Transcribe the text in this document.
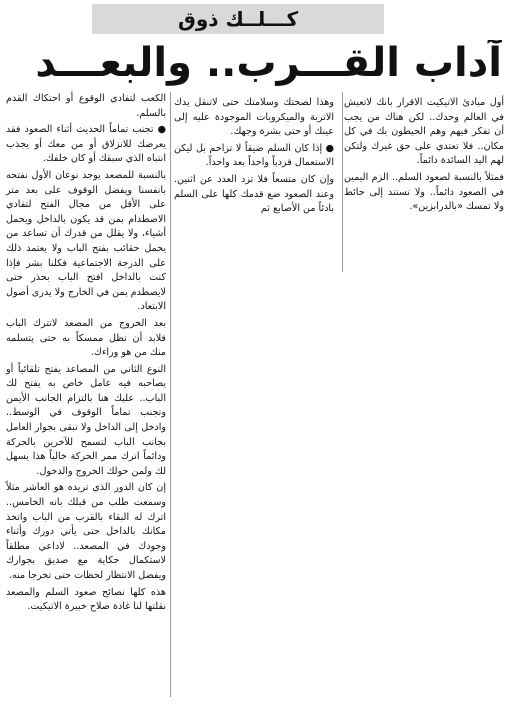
كـــلــك ذوق
آداب القـــرب.. والبعـــد

أول مبادئ الاتيكيت الاقرار بانك لاتعيش في العالم وحدك.. لكن هناك من يجب أن تفكر فيهم وهم الحيطون بك في كل مكان.. فلا تعتدي على حق غيرك ولتكن لهم اليد السائدة دائماً.

فمثلاً بالنسبة لصعود السلم.. الزم اليمين في الصعود دائماً.. ولا تستند إلى حائط ولا تمسك «بالدرابزين».

وهذا لصحتك وسلامتك حتى لاتنقل يدك الاتربة والميكروبات الموجودة عليه إلى عينك أو حتى بشرة وجهك.

● إذا كان السلم ضيقاً لا تزاحم بل ليكن الاستعمال فردياً واحداً بعد واحداً.

وإن كان متسعاً فلا تزد العدد عن اثنين. وعند الصعود ضع قدمك كلها على السلم بادئاً من الأصابع ثم

الكعب لتفادي الوقوع أو احتكاك القدم بالسلم.

● تجنب تماماً الحديث أثناء الصعود فقد يعرضك للانزلاق أو من معك أو يجذب انتباه الذي سبقك أو كان خلفك.

بالنسبة للمصعد يوجد نوعان الأول نفتحه بانفسنا ويفضل الوقوف على بعد متر على الأقل من مجال الفتح لتفادي الاصطدام بمن قد يكون بالداخل ويحمل أشياء، ولا يقلل من قدرك أن تساعد من يحمل حقائب بفتح الباب ولا يعتمد ذلك على الدرجة الاجتماعية فكلنا بشر فإذا كنت بالداخل افتح الباب بحذر حتى لايصطدم بمن في الخارج ولا يدرى أصول الابتعاد.

بعد الخروج من المصعد لاتترك الباب فلابد أن تظل ممسكاً به حتى يتسلمه منك من هو وراءك.

النوع الثاني من المصاعد يفتح تلقائياً أو يصاحبه فيه عامل خاص به يفتح لك الباب.. عليك هنا بالتزام الجانب الأيمن وتجنب تماماً الوقوف في الوسط.. وادخل إلى الداخل ولا تبقى بجوار العامل بجانب الباب لتسمح للآخرين بالحركة ودائماً اترك ممر الحركة خالياً هذا يسهل لك ولمن حولك الخروج والدخول.

إن كان الدور الذي تريده هو العاشر مثلاً وسمعت طلب من قبلك بانه الخامس.. اترك له البقاء بالقرب من الباب واتخذ مكانك بالداخل حتى يأتي دورك وأثناء وجودك في المصعد.. لاداعي مطلقاً لاستكمال حكاية مع صديق بجوارك ويفضل الانتظار لحظات حتى تخرجا منه.

هذه كلها نصائح صعود السلم والمصعد نقلتها لنا غادة صلاح خبيرة الاتيكيت.
